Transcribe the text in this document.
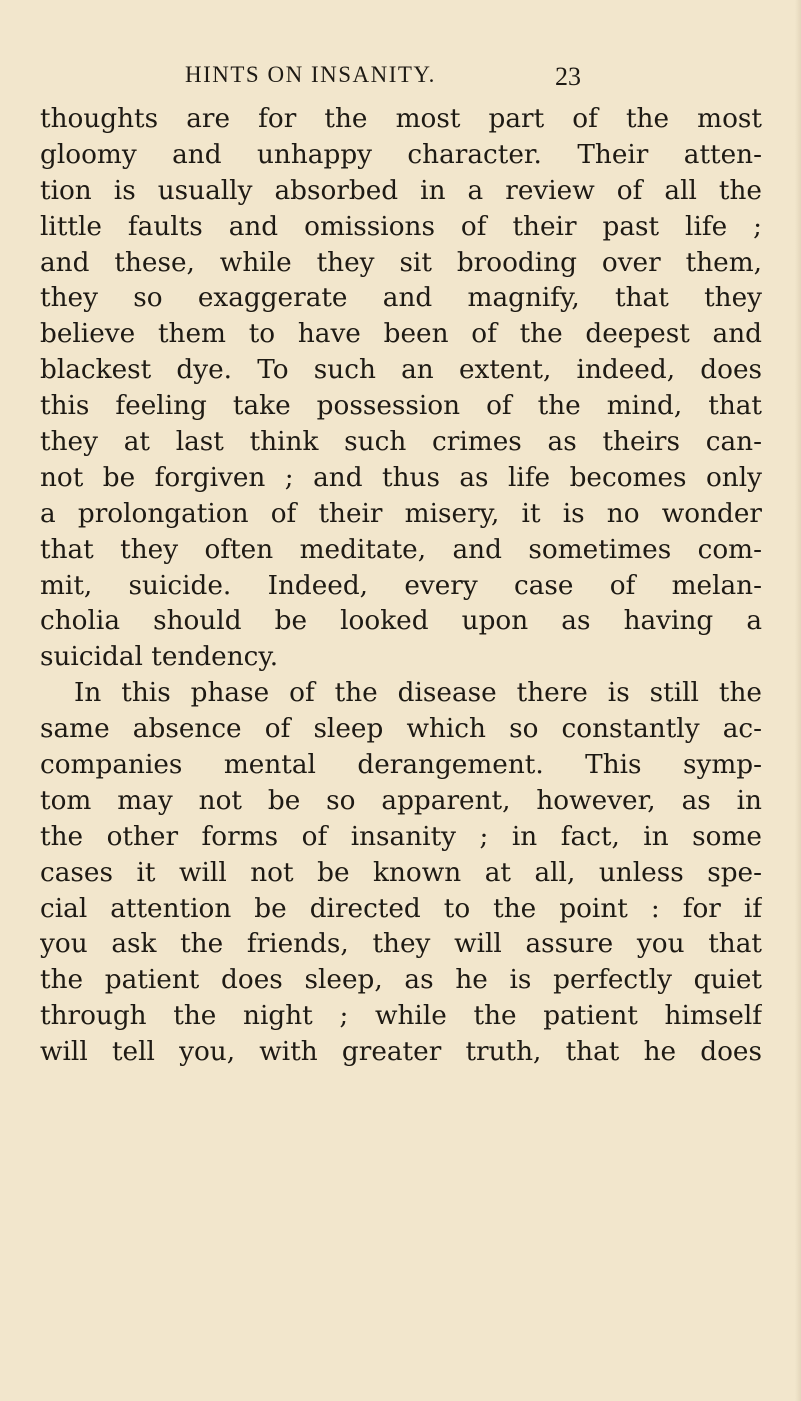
HINTS ON INSANITY.	23
thoughts are for the most part of the most
gloomy and unhappy character. Their atten-
tion is usually absorbed in a review of all the
little faults and omissions of their past life ;
and these, while they sit brooding over them,
they so exaggerate and magnify, that they
believe them to have been of the deepest and
blackest dye. To such an extent, indeed, does
this feeling take possession of the mind, that
they at last think such crimes as theirs can-
not be forgiven ; and thus as life becomes only
a prolongation of their misery, it is no wonder
that they often meditate, and sometimes com-
mit, suicide. Indeed, every case of melan-
cholia should be looked upon as having a
suicidal tendency.
In this phase of the disease there is still the
same absence of sleep which so constantly ac-
companies mental derangement. This symp-
tom may not be so apparent, however, as in
the other forms of insanity ; in fact, in some
cases it will not be known at all, unless spe-
cial attention be directed to the point : for if
you ask the friends, they will assure you that
the patient does sleep, as he is perfectly quiet
through the night ; while the patient himself
will tell you, with greater truth, that he does
